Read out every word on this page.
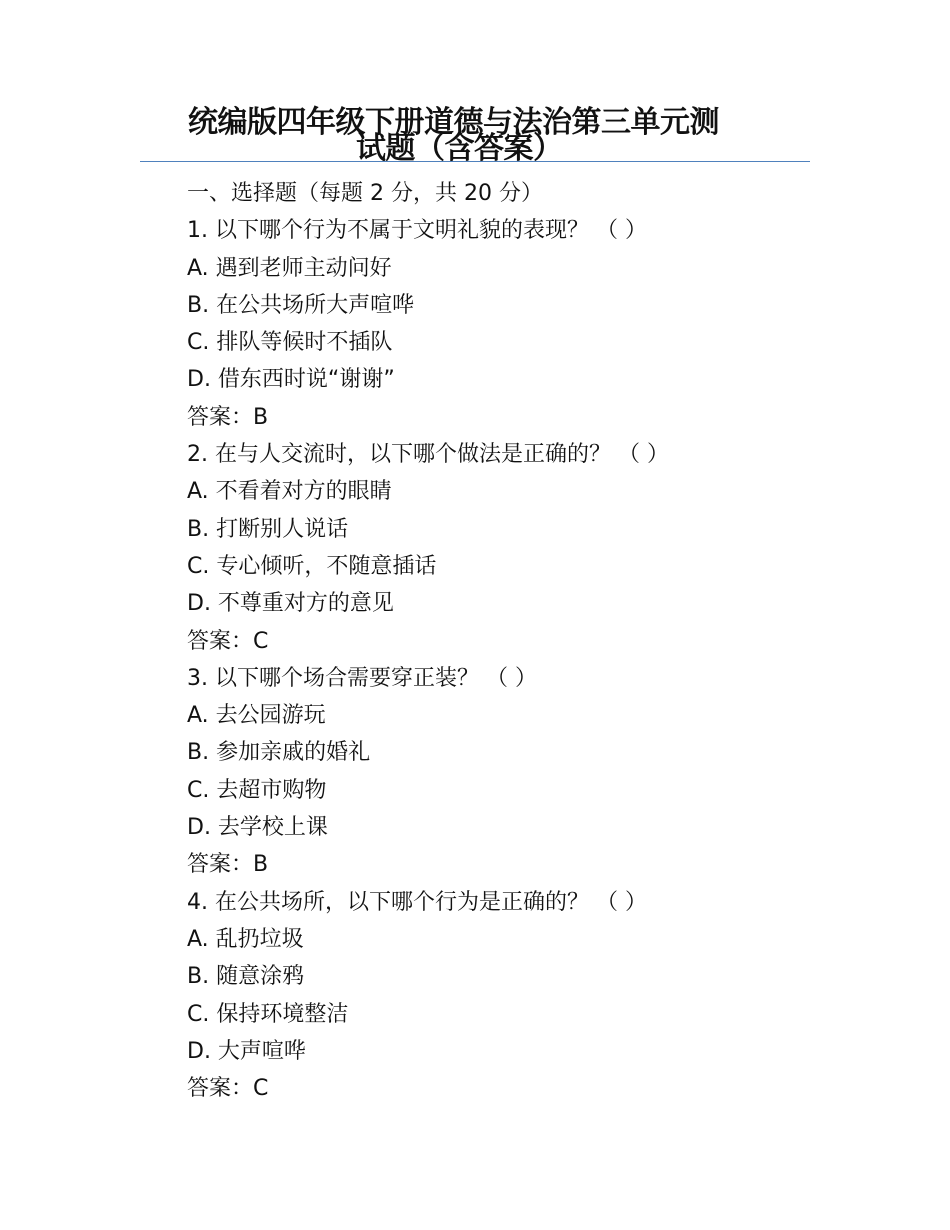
统编版四年级下册道德与法治第三单元测
试题（含答案）
一、选择题（每题 2 分，共 20 分）
1. 以下哪个行为不属于文明礼貌的表现？ （ ）
A. 遇到老师主动问好
B. 在公共场所大声喧哗
C. 排队等候时不插队
D. 借东西时说“谢谢”
答案：B
2. 在与人交流时，以下哪个做法是正确的？ （ ）
A. 不看着对方的眼睛
B. 打断别人说话
C. 专心倾听，不随意插话
D. 不尊重对方的意见
答案：C
3. 以下哪个场合需要穿正装？ （ ）
A. 去公园游玩
B. 参加亲戚的婚礼
C. 去超市购物
D. 去学校上课
答案：B
4. 在公共场所，以下哪个行为是正确的？ （ ）
A. 乱扔垃圾
B. 随意涂鸦
C. 保持环境整洁
D. 大声喧哗
答案：C
